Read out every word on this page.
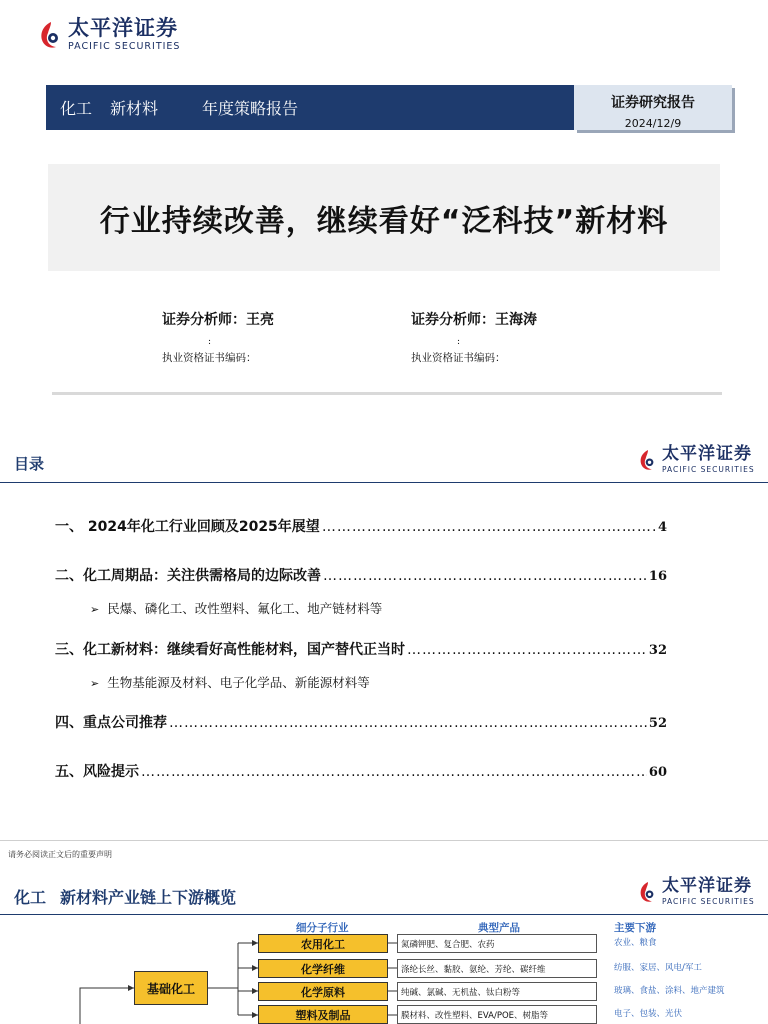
太平洋证券
PACIFIC SECURITIES
化工 新材料	年度策略报告	证券研究报告
2024/12/9
行业持续改善，继续看好“泛科技”新材料
证券分析师：王亮
:
执业资格证书编码：
证券分析师：王海涛
:
执业资格证书编码：
目录	太平洋证券
PACIFIC SECURITIES
一、 2024年化工行业回顾及2025年展望 ………………………………………………………………………………………………………………………………	4
二、化工周期品：关注供需格局的边际改善 ………………………………………………………………………………………………………………………………	16
➢ 民爆、磷化工、改性塑料、氟化工、地产链材料等
三、化工新材料：继续看好高性能材料，国产替代正当时 ………………………………………………………………………………………………………………………………	32
➢ 生物基能源及材料、电子化学品、新能源材料等
四、重点公司推荐 ………………………………………………………………………………………………………………………………	52
五、风险提示 ………………………………………………………………………………………………………………………………	60
请务必阅读正文后的重要声明
化工 新材料产业链上下游概览
太平洋证券
PACIFIC SECURITIES
细分子行业	典型产品	主要下游
基础化工
农用化工	氮磷钾肥、复合肥、农药	农业、粮食
化学纤维	涤纶长丝、黏胶、氨纶、芳纶、碳纤维	纺服、家居、风电/军工
化学原料	纯碱、氯碱、无机盐、钛白粉等	玻璃、食盐、涂料、地产建筑
塑料及制品	膜材料、改性塑料、EVA/POE、树脂等	电子、包装、光伏
